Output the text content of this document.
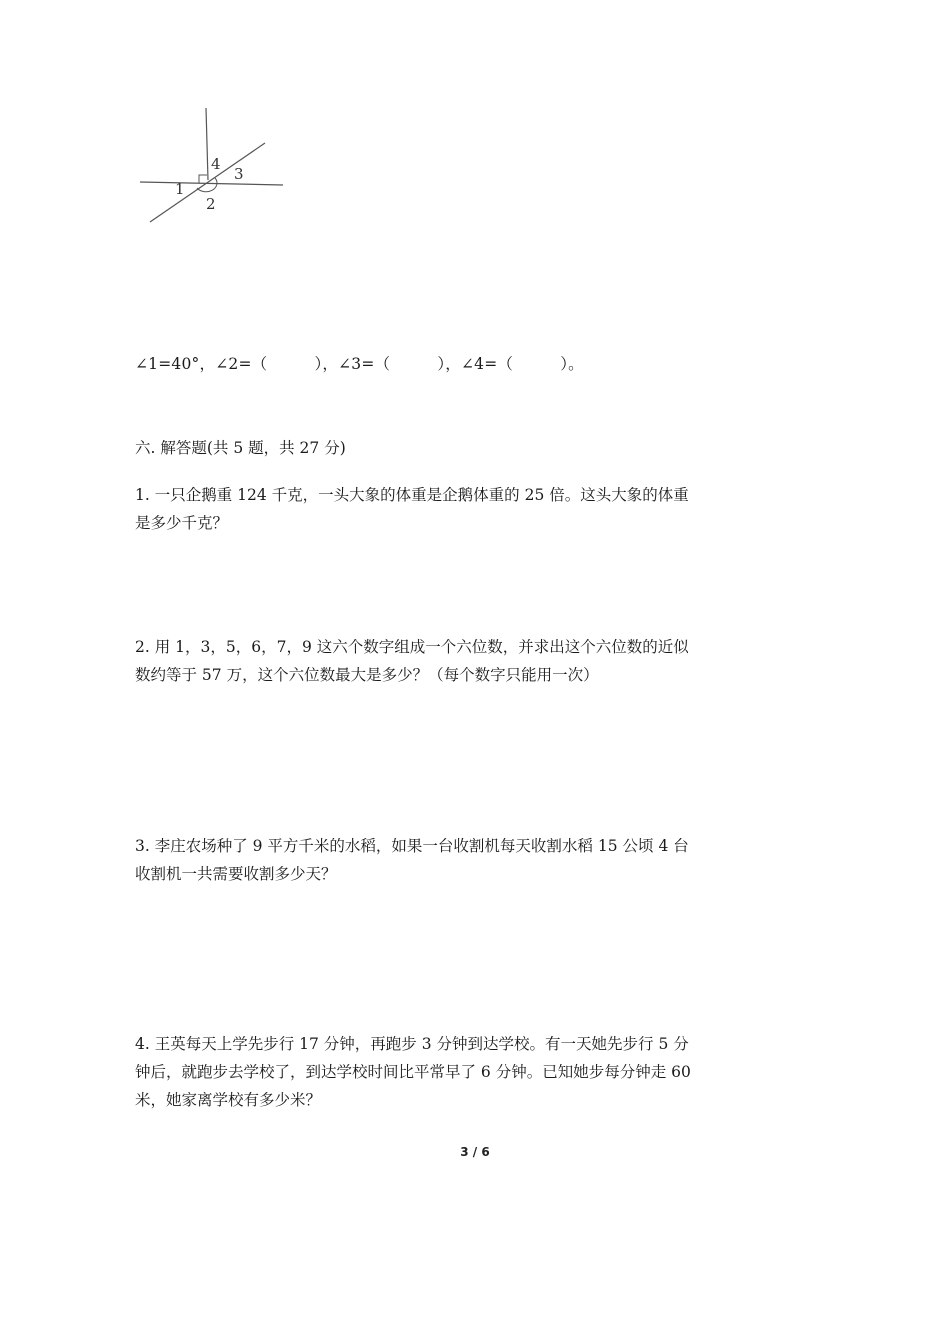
4
3
1
2
∠1=40°，∠2=（　　　），∠3=（　　　），∠4=（　　　）。
六. 解答题(共 5 题，共 27 分)

1. 一只企鹅重 124 千克，一头大象的体重是企鹅体重的 25 倍。这头大象的体重

是多少千克？

2. 用 1，3，5，6，7，9 这六个数字组成一个六位数，并求出这个六位数的近似

数约等于 57 万，这个六位数最大是多少？（每个数字只能用一次）

3. 李庄农场种了 9 平方千米的水稻，如果一台收割机每天收割水稻 15 公顷 4 台

收割机一共需要收割多少天？

4. 王英每天上学先步行 17 分钟，再跑步 3 分钟到达学校。有一天她先步行 5 分

钟后，就跑步去学校了，到达学校时间比平常早了 6 分钟。已知她步每分钟走 60

米，她家离学校有多少米？

3 / 6
